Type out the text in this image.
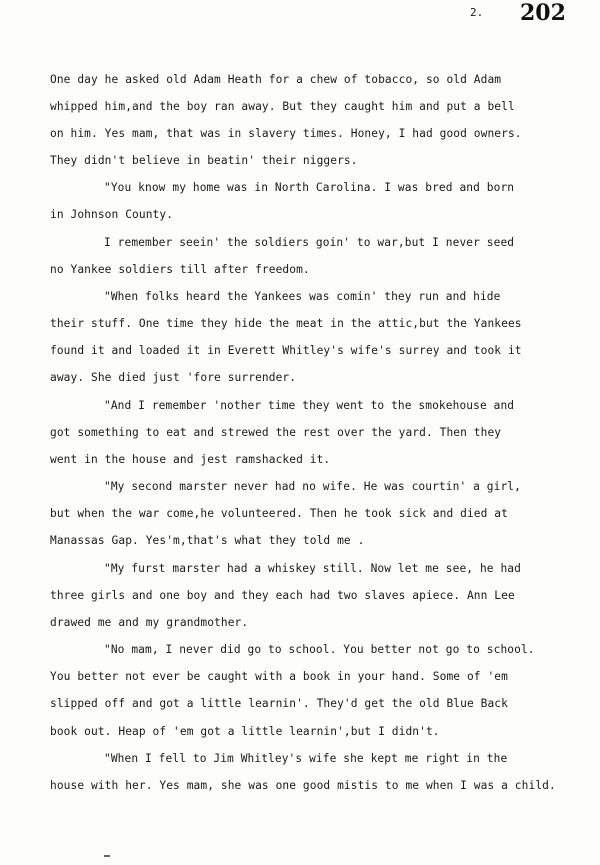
2.	202
One day he asked old Adam Heath for a chew of tobacco, so old Adam
whipped him,and the boy ran away. But they caught him and put a bell
on him. Yes mam, that was in slavery times. Honey, I had good owners.
They didn't believe in beatin' their niggers.
"You know my home was in North Carolina. I was bred and born
in Johnson County.
I remember seein' the soldiers goin' to war,but I never seed
no Yankee soldiers till after freedom.
"When folks heard the Yankees was comin' they run and hide
their stuff. One time they hide the meat in the attic,but the Yankees
found it and loaded it in Everett Whitley's wife's surrey and took it
away. She died just 'fore surrender.
"And I remember 'nother time they went to the smokehouse and
got something to eat and strewed the rest over the yard. Then they
went in the house and jest ramshacked it.
"My second marster never had no wife. He was courtin' a girl,
but when the war come,he volunteered. Then he took sick and died at
Manassas Gap. Yes'm,that's what they told me .
"My furst marster had a whiskey still. Now let me see, he had
three girls and one boy and they each had two slaves apiece. Ann Lee
drawed me and my grandmother.
"No mam, I never did go to school. You better not go to school.
You better not ever be caught with a book in your hand. Some of 'em
slipped off and got a little learnin'. They'd get the old Blue Back
book out. Heap of 'em got a little learnin',but I didn't.
"When I fell to Jim Whitley's wife she kept me right in the
house with her. Yes mam, she was one good mistis to me when I was a child.
